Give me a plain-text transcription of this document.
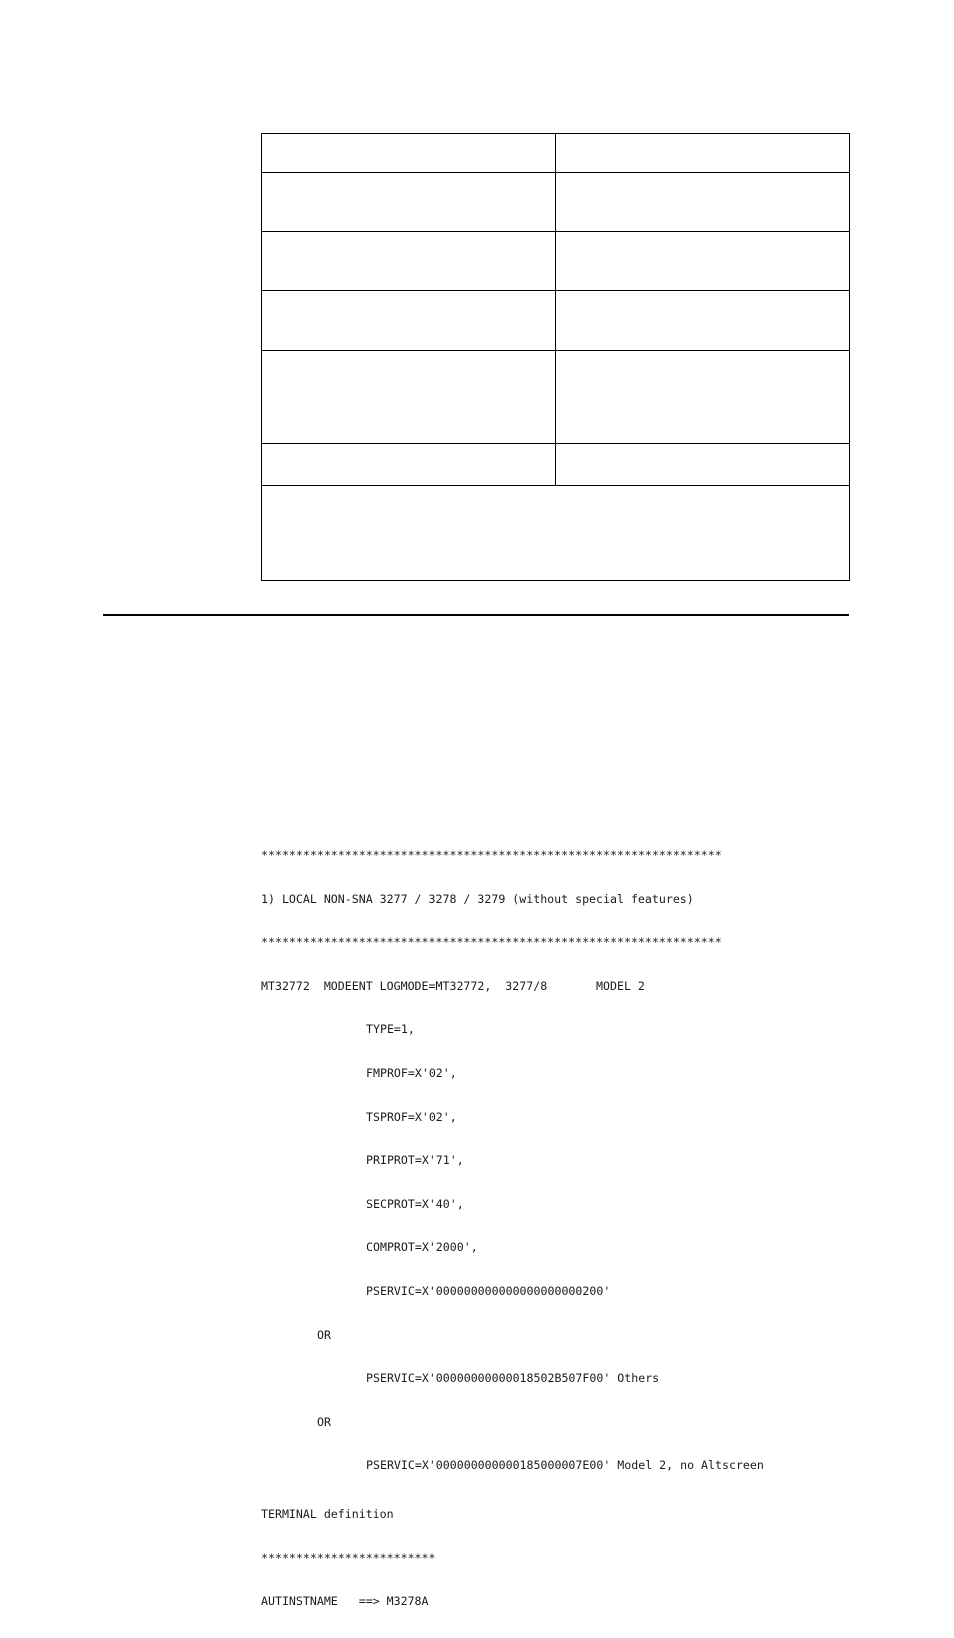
******************************************************************

1) LOCAL NON-SNA 3277 / 3278 / 3279 (without special features)

******************************************************************

MT32772  MODEENT LOGMODE=MT32772,  3277/8       MODEL 2

TYPE=1,

FMPROF=X'02',

TSPROF=X'02',

PRIPROT=X'71',

SECPROT=X'40',

COMPROT=X'2000',

PSERVIC=X'000000000000000000000200'

OR

PSERVIC=X'00000000000018502B507F00' Others

OR

PSERVIC=X'000000000000185000007E00' Model 2, no Altscreen

TERMINAL definition

*************************

AUTINSTNAME   ==> M3278A
